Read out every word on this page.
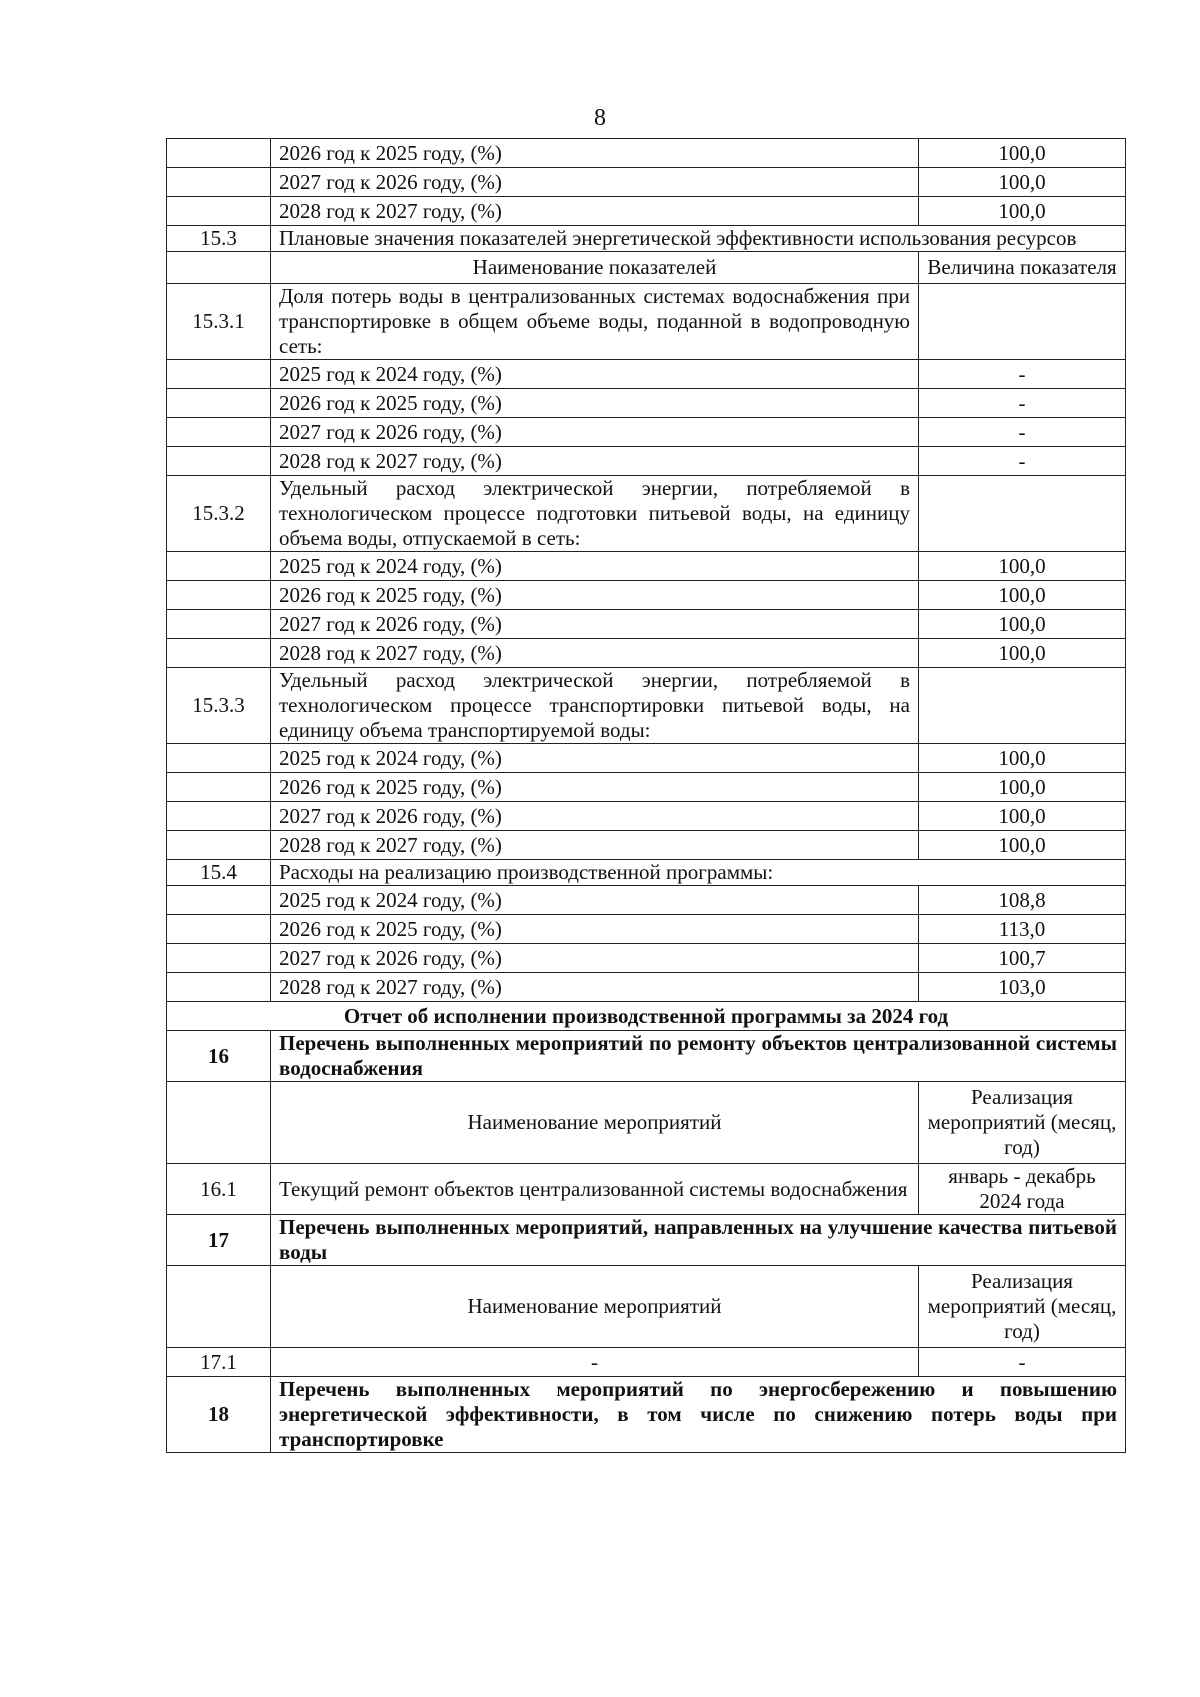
8
	2026 год к 2025 году, (%)	100,0
	2027 год к 2026 году, (%)	100,0
	2028 год к 2027 году, (%)	100,0
15.3	Плановые значения показателей энергетической эффективности использования ресурсов	
	Наименование показателей	Величина показателя
15.3.1	Доля потерь воды в централизованных системах водоснабжения при транспортировке в общем объеме воды, поданной в водопроводную сеть:	
	2025 год к 2024 году, (%)	-
	2026 год к 2025 году, (%)	-
	2027 год к 2026 году, (%)	-
	2028 год к 2027 году, (%)	-
15.3.2	Удельный расход электрической энергии, потребляемой в технологическом процессе подготовки питьевой воды, на единицу объема воды, отпускаемой в сеть:	
	2025 год к 2024 году, (%)	100,0
	2026 год к 2025 году, (%)	100,0
	2027 год к 2026 году, (%)	100,0
	2028 год к 2027 году, (%)	100,0
15.3.3	Удельный расход электрической энергии, потребляемой в технологическом процессе транспортировки питьевой воды, на единицу объема транспортируемой воды:	
	2025 год к 2024 году, (%)	100,0
	2026 год к 2025 году, (%)	100,0
	2027 год к 2026 году, (%)	100,0
	2028 год к 2027 году, (%)	100,0
15.4	Расходы на реализацию производственной программы:	
	2025 год к 2024 году, (%)	108,8
	2026 год к 2025 году, (%)	113,0
	2027 год к 2026 году, (%)	100,7
	2028 год к 2027 году, (%)	103,0
Отчет об исполнении производственной программы за 2024 год		
16	Перечень выполненных мероприятий по ремонту объектов централизованной системы водоснабжения	
	Наименование мероприятий	Реализация мероприятий (месяц, год)
16.1	Текущий ремонт объектов централизованной системы водоснабжения	январь - декабрь 2024 года
17	Перечень выполненных мероприятий, направленных на улучшение качества питьевой воды	
	Наименование мероприятий	Реализация мероприятий (месяц, год)
17.1	-	-
18	Перечень выполненных мероприятий по энергосбережению и повышению энергетической эффективности, в том числе по снижению потерь воды при транспортировке	
